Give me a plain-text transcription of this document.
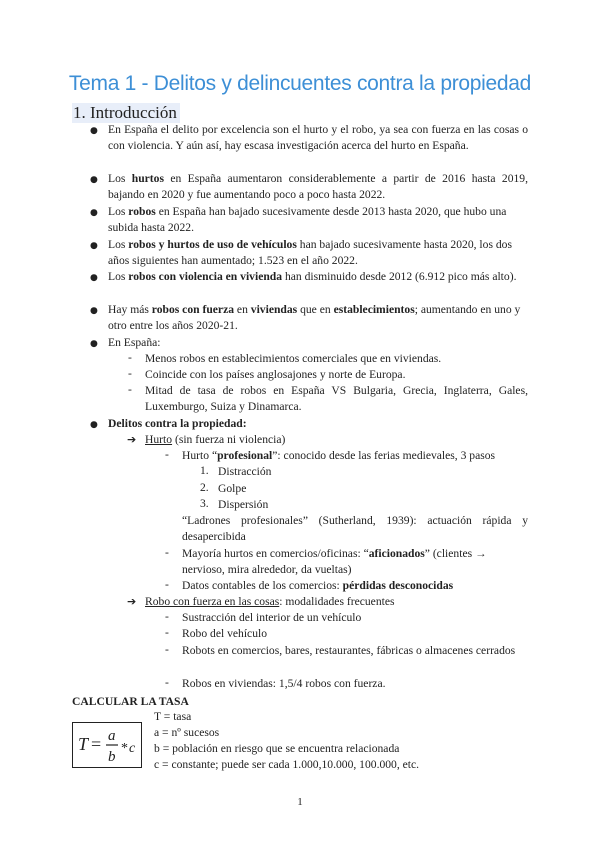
Tema 1 - Delitos y delincuentes contra la propiedad
1. Introducción
● En España el delito por excelencia son el hurto y el robo, ya sea con fuerza en las cosas o con violencia. Y aún así, hay escasa investigación acerca del hurto en España.
● Los hurtos en España aumentaron considerablemente a partir de 2016 hasta 2019, bajando en 2020 y fue aumentando poco a poco hasta 2022.
● Los robos en España han bajado sucesivamente desde 2013 hasta 2020, que hubo una subida hasta 2022.
● Los robos y hurtos de uso de vehículos han bajado sucesivamente hasta 2020, los dos años siguientes han aumentado; 1.523 en el año 2022.
● Los robos con violencia en vivienda han disminuido desde 2012 (6.912 pico más alto).
● Hay más robos con fuerza en viviendas que en establecimientos; aumentando en uno y otro entre los años 2020-21.
● En España:
- Menos robos en establecimientos comerciales que en viviendas.
- Coincide con los países anglosajones y norte de Europa.
- Mitad de tasa de robos en España VS Bulgaria, Grecia, Inglaterra, Gales, Luxemburgo, Suiza y Dinamarca.
● Delitos contra la propiedad:
➔ Hurto (sin fuerza ni violencia)
- Hurto “profesional”: conocido desde las ferias medievales, 3 pasos
1. Distracción
2. Golpe
3. Dispersión
“Ladrones profesionales” (Sutherland, 1939): actuación rápida y desapercibida
- Mayoría hurtos en comercios/oficinas: “aficionados” (clientes → nervioso, mira alrededor, da vueltas)
- Datos contables de los comercios: pérdidas desconocidas
➔ Robo con fuerza en las cosas: modalidades frecuentes
- Sustracción del interior de un vehículo
- Robo del vehículo
- Robots en comercios, bares, restaurantes, fábricas o almacenes cerrados
- Robos en viviendas: 1,5/4 robos con fuerza.
CALCULAR LA TASA
T = a
b
* c
T = tasa
a = nº sucesos
b = población en riesgo que se encuentra relacionada
c = constante; puede ser cada 1.000,10.000, 100.000, etc.
1
